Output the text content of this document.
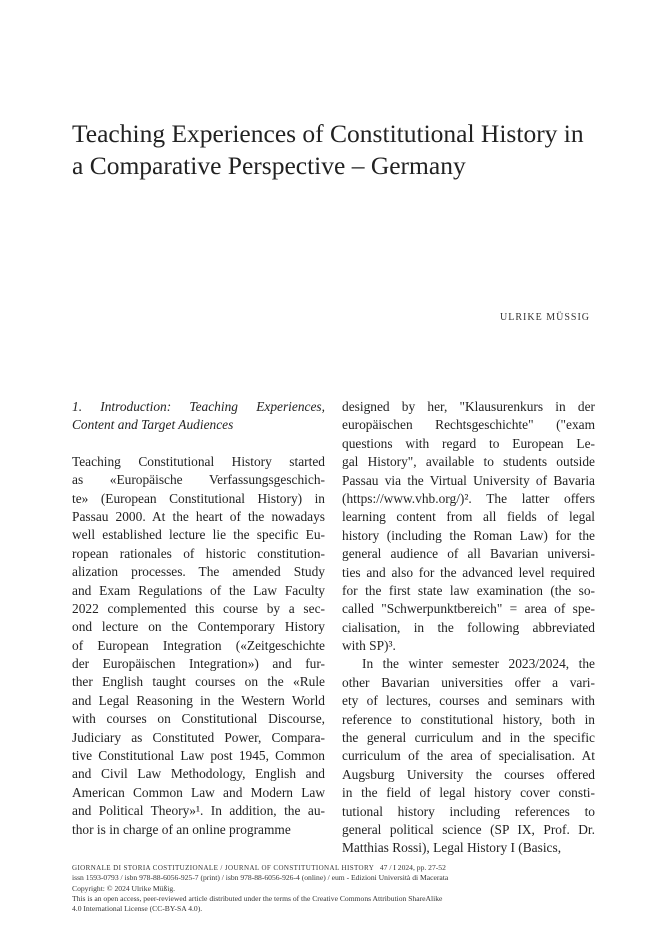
Teaching Experiences of Constitutional History in
a Comparative Perspective – Germany
ULRIKE MÜSSIG
1. Introduction: Teaching Experiences,
Content and Target Audiences
Teaching Constitutional History started
as «Europäische Verfassungsgeschich-
te» (European Constitutional History) in
Passau 2000. At the heart of the nowadays
well established lecture lie the specific Eu-
ropean rationales of historic constitution-
alization processes. The amended Study
and Exam Regulations of the Law Faculty
2022 complemented this course by a sec-
ond lecture on the Contemporary History
of European Integration («Zeitgeschichte
der Europäischen Integration») and fur-
ther English taught courses on the «Rule
and Legal Reasoning in the Western World
with courses on Constitutional Discourse,
Judiciary as Constituted Power, Compara-
tive Constitutional Law post 1945, Common
and Civil Law Methodology, English and
American Common Law and Modern Law
and Political Theory»¹. In addition, the au-
thor is in charge of an online programme
designed by her, "Klausurenkurs in der
europäischen Rechtsgeschichte" ("exam
questions with regard to European Le-
gal History", available to students outside
Passau via the Virtual University of Bavaria
(https://www.vhb.org/)². The latter offers
learning content from all fields of legal
history (including the Roman Law) for the
general audience of all Bavarian universi-
ties and also for the advanced level required
for the first state law examination (the so-
called "Schwerpunktbereich" = area of spe-
cialisation, in the following abbreviated
with SP)³.
In the winter semester 2023/2024, the
other Bavarian universities offer a vari-
ety of lectures, courses and seminars with
reference to constitutional history, both in
the general curriculum and in the specific
curriculum of the area of specialisation. At
Augsburg University the courses offered
in the field of legal history cover consti-
tutional history including references to
general political science (SP IX, Prof. Dr.
Matthias Rossi), Legal History I (Basics,
GIORNALE DI STORIA COSTITUZIONALE / JOURNAL OF CONSTITUTIONAL HISTORY 47 / I 2024, pp. 27-52
issn 1593-0793 / isbn 978-88-6056-925-7 (print) / isbn 978-88-6056-926-4 (online) / eum - Edizioni Università di Macerata
Copyright: © 2024 Ulrike Müßig.
This is an open access, peer-reviewed article distributed under the terms of the Creative Commons Attribution ShareAlike
4.0 International License (CC-BY-SA 4.0).
